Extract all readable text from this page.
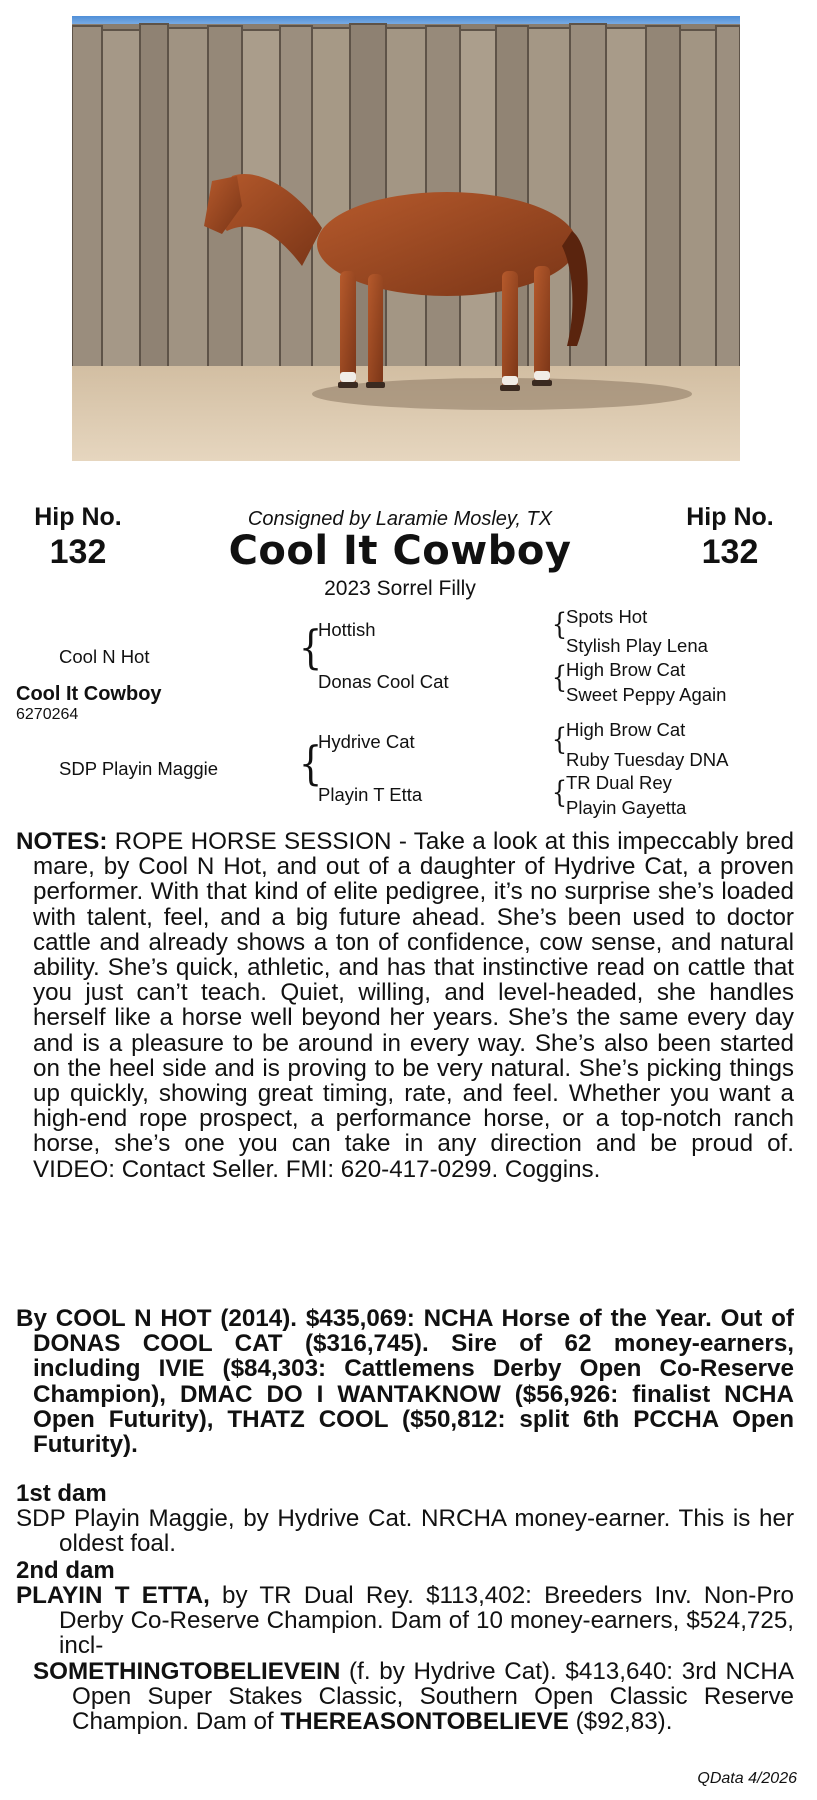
Hip No.
132
Consigned by Laramie Mosley, TX
Cool It Cowboy
2023 Sorrel Filly
Hip No.
132
Cool N Hot
Cool It Cowboy
6270264
SDP Playin Maggie
{
Hottish
Donas Cool Cat
{
Hydrive Cat
Playin T Etta
{
Spots Hot
Stylish Play Lena
{
High Brow Cat
Sweet Peppy Again
{
High Brow Cat
Ruby Tuesday DNA
{
TR Dual Rey
Playin Gayetta

NOTES: ROPE HORSE SESSION - Take a look at this impeccably bred mare, by Cool N Hot, and out of a daughter of Hydrive Cat, a proven performer. With that kind of elite pedigree, it’s no surprise she’s loaded with talent, feel, and a big future ahead. She’s been used to doctor cattle and already shows a ton of confidence, cow sense, and natural ability. She’s quick, athletic, and has that instinctive read on cattle that you just can’t teach. Quiet, willing, and level-headed, she handles herself like a horse well beyond her years. She’s the same every day and is a pleasure to be around in every way. She’s also been started on the heel side and is proving to be very natural. She’s picking things up quickly, showing great timing, rate, and feel. Whether you want a high-end rope prospect, a performance horse, or a top-notch ranch horse, she’s one you can take in any direction and be proud of. VIDEO: Contact Seller. FMI: 620-417-0299. Coggins.

By COOL N HOT (2014). $435,069: NCHA Horse of the Year. Out of DONAS COOL CAT ($316,745). Sire of 62 money-earners, including IVIE ($84,303: Cattlemens Derby Open Co-Reserve Champion), DMAC DO I WANTAKNOW ($56,926: finalist NCHA Open Futurity), THATZ COOL ($50,812: split 6th PCCHA Open Futurity).

1st dam

SDP Playin Maggie, by Hydrive Cat. NRCHA money-earner. This is her oldest foal.

2nd dam

PLAYIN T ETTA, by TR Dual Rey. $113,402: Breeders Inv. Non-Pro Derby Co-Reserve Champion. Dam of 10 money-earners, $524,725, incl-

SOMETHINGTOBELIEVEIN (f. by Hydrive Cat). $413,640: 3rd NCHA Open Super Stakes Classic, Southern Open Classic Reserve Champion. Dam of THEREASONTOBELIEVE ($92,83).

QData 4/2026
